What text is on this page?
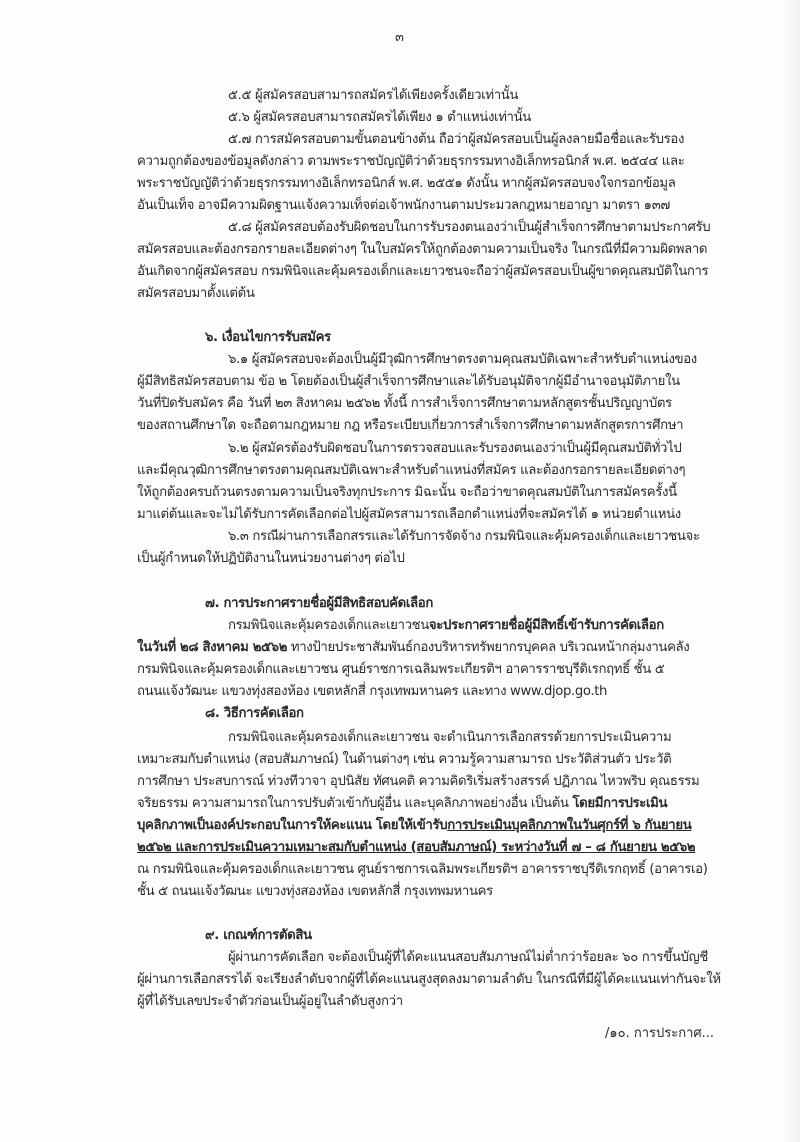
๓
๕.๕ ผู้สมัครสอบสามารถสมัครได้เพียงครั้งเดียวเท่านั้น
๕.๖ ผู้สมัครสอบสามารถสมัครได้เพียง ๑ ตำแหน่งเท่านั้น
๕.๗ การสมัครสอบตามขั้นตอนข้างต้น ถือว่าผู้สมัครสอบเป็นผู้ลงลายมือชื่อและรับรอง
ความถูกต้องของข้อมูลดังกล่าว ตามพระราชบัญญัติว่าด้วยธุรกรรมทางอิเล็กทรอนิกส์ พ.ศ. ๒๕๔๔ และ
พระราชบัญญัติว่าด้วยธุรกรรมทางอิเล็กทรอนิกส์ พ.ศ. ๒๕๕๑ ดังนั้น หากผู้สมัครสอบจงใจกรอกข้อมูล
อันเป็นเท็จ อาจมีความผิดฐานแจ้งความเท็จต่อเจ้าพนักงานตามประมวลกฎหมายอาญา มาตรา ๑๓๗
๕.๘ ผู้สมัครสอบต้องรับผิดชอบในการรับรองตนเองว่าเป็นผู้สำเร็จการศึกษาตามประกาศรับ
สมัครสอบและต้องกรอกรายละเอียดต่างๆ ในใบสมัครให้ถูกต้องตามความเป็นจริง ในกรณีที่มีความผิดพลาด
อันเกิดจากผู้สมัครสอบ กรมพินิจและคุ้มครองเด็กและเยาวชนจะถือว่าผู้สมัครสอบเป็นผู้ขาดคุณสมบัติในการ
สมัครสอบมาตั้งแต่ต้น
๖. เงื่อนไขการรับสมัคร
๖.๑ ผู้สมัครสอบจะต้องเป็นผู้มีวุฒิการศึกษาตรงตามคุณสมบัติเฉพาะสำหรับตำแหน่งของ
ผู้มีสิทธิสมัครสอบตาม ข้อ ๒ โดยต้องเป็นผู้สำเร็จการศึกษาและได้รับอนุมัติจากผู้มีอำนาจอนุมัติภายใน
วันที่ปิดรับสมัคร คือ วันที่ ๒๓ สิงหาคม ๒๕๖๒ ทั้งนี้ การสำเร็จการศึกษาตามหลักสูตรชั้นปริญญาบัตร
ของสถานศึกษาใด จะถือตามกฎหมาย กฎ หรือระเบียบเกี่ยวการสำเร็จการศึกษาตามหลักสูตรการศึกษา
๖.๒ ผู้สมัครต้องรับผิดชอบในการตรวจสอบและรับรองตนเองว่าเป็นผู้มีคุณสมบัติทั่วไป
และมีคุณวุฒิการศึกษาตรงตามคุณสมบัติเฉพาะสำหรับตำแหน่งที่สมัคร และต้องกรอกรายละเอียดต่างๆ
ให้ถูกต้องครบถ้วนตรงตามความเป็นจริงทุกประการ มิฉะนั้น จะถือว่าขาดคุณสมบัติในการสมัครครั้งนี้
มาแต่ต้นและจะไม่ได้รับการคัดเลือกต่อไปผู้สมัครสามารถเลือกตำแหน่งที่จะสมัครได้ ๑ หน่วยตำแหน่ง
๖.๓ กรณีผ่านการเลือกสรรและได้รับการจัดจ้าง กรมพินิจและคุ้มครองเด็กและเยาวชนจะ
เป็นผู้กำหนดให้ปฏิบัติงานในหน่วยงานต่างๆ ต่อไป
๗. การประกาศรายชื่อผู้มีสิทธิสอบคัดเลือก
กรมพินิจและคุ้มครองเด็กและเยาวชนจะประกาศรายชื่อผู้มีสิทธิ์เข้ารับการคัดเลือก
ในวันที่ ๒๘ สิงหาคม ๒๕๖๒ ทางป้ายประชาสัมพันธ์กองบริหารทรัพยากรบุคคล บริเวณหน้ากลุ่มงานคลัง
กรมพินิจและคุ้มครองเด็กและเยาวชน ศูนย์ราชการเฉลิมพระเกียรติฯ อาคารราชบุรีดิเรกฤทธิ์ ชั้น ๕
ถนนแจ้งวัฒนะ แขวงทุ่งสองห้อง เขตหลักสี่ กรุงเทพมหานคร และทาง www.djop.go.th
๘. วิธีการคัดเลือก
กรมพินิจและคุ้มครองเด็กและเยาวชน จะดำเนินการเลือกสรรด้วยการประเมินความ
เหมาะสมกับตำแหน่ง (สอบสัมภาษณ์) ในด้านต่างๆ เช่น ความรู้ความสามารถ ประวัติส่วนตัว ประวัติ
การศึกษา ประสบการณ์ ท่วงทีวาจา อุปนิสัย ทัศนคติ ความคิดริเริ่มสร้างสรรค์ ปฏิภาณ ไหวพริบ คุณธรรม
จริยธรรม ความสามารถในการปรับตัวเข้ากับผู้อื่น และบุคลิกภาพอย่างอื่น เป็นต้น โดยมีการประเมิน
บุคลิกภาพเป็นองค์ประกอบในการให้คะแนน โดยให้เข้ารับการประเมินบุคลิกภาพในวันศุกร์ที่ ๖ กันยายน
๒๕๖๒ และการประเมินความเหมาะสมกับตำแหน่ง (สอบสัมภาษณ์) ระหว่างวันที่ ๗ – ๘ กันยายน ๒๕๖๒
ณ กรมพินิจและคุ้มครองเด็กและเยาวชน ศูนย์ราชการเฉลิมพระเกียรติฯ อาคารราชบุรีดิเรกฤทธิ์ (อาคารเอ)
ชั้น ๕ ถนนแจ้งวัฒนะ แขวงทุ่งสองห้อง เขตหลักสี่ กรุงเทพมหานคร
๙. เกณฑ์การตัดสิน
ผู้ผ่านการคัดเลือก จะต้องเป็นผู้ที่ได้คะแนนสอบสัมภาษณ์ไม่ต่ำกว่าร้อยละ ๖๐ การขึ้นบัญชี
ผู้ผ่านการเลือกสรรได้ จะเรียงลำดับจากผู้ที่ได้คะแนนสูงสุดลงมาตามลำดับ ในกรณีที่มีผู้ได้คะแนนเท่ากันจะให้
ผู้ที่ได้รับเลขประจำตัวก่อนเป็นผู้อยู่ในลำดับสูงกว่า
/๑๐. การประกาศ...
